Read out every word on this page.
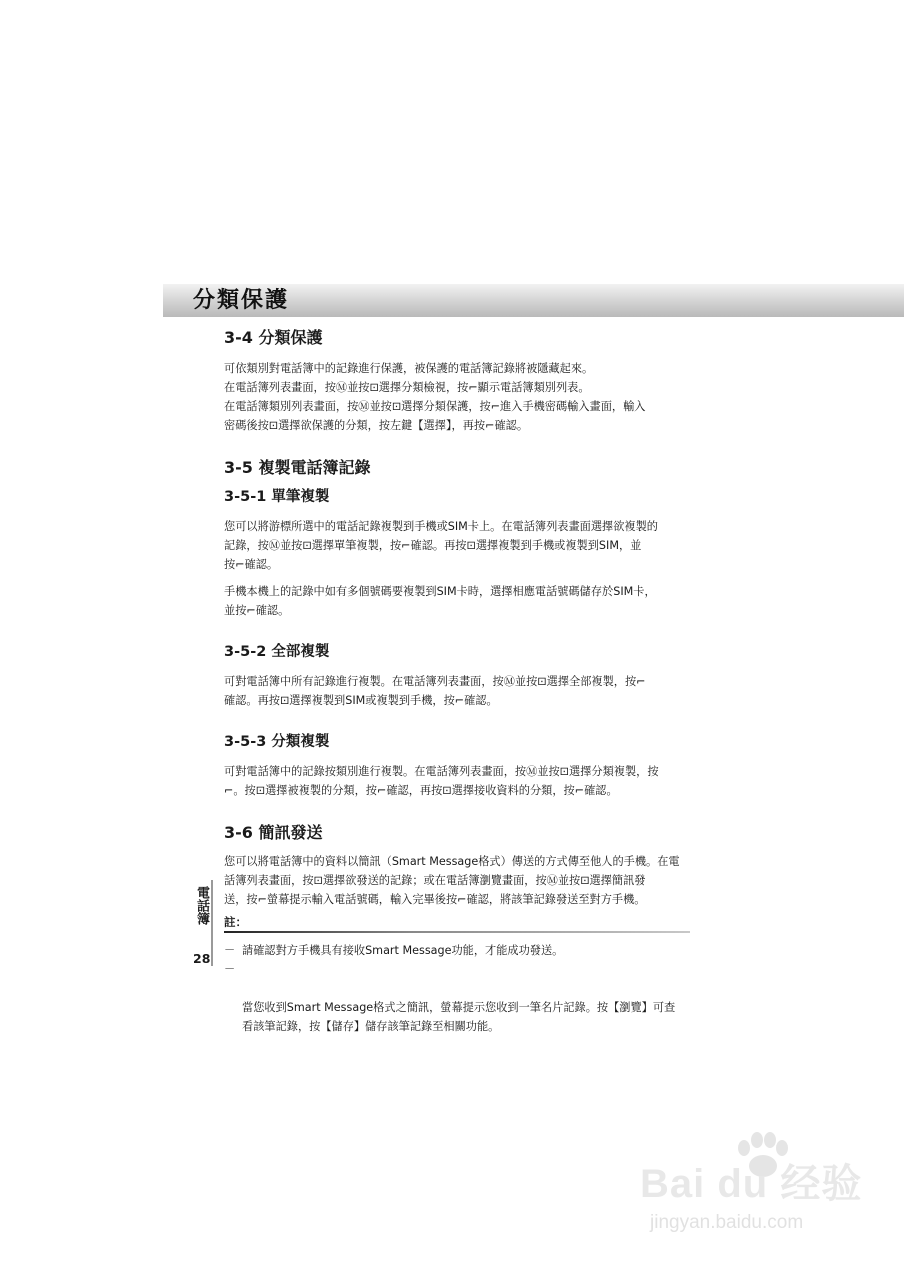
分類保護
3-4 分類保護

可依類別對電話簿中的記錄進行保護，被保護的電話簿記錄將被隱藏起來。

在電話簿列表畫面，按Ⓜ並按⊡選擇分類檢視，按⌐顯示電話簿類別列表。

在電話簿類別列表畫面，按Ⓜ並按⊡選擇分類保護，按⌐進入手機密碼輸入畫面，輸入
密碼後按⊡選擇欲保護的分類，按左鍵【選擇】，再按⌐確認。

3-5 複製電話簿記錄
3-5-1 單筆複製

您可以將游標所選中的電話記錄複製到手機或SIM卡上。在電話簿列表畫面選擇欲複製的
記錄，按Ⓜ並按⊡選擇單筆複製，按⌐確認。再按⊡選擇複製到手機或複製到SIM，並
按⌐確認。

手機本機上的記錄中如有多個號碼要複製到SIM卡時，選擇相應電話號碼儲存於SIM卡，
並按⌐確認。

3-5-2 全部複製

可對電話簿中所有記錄進行複製。在電話簿列表畫面，按Ⓜ並按⊡選擇全部複製，按⌐
確認。再按⊡選擇複製到SIM或複製到手機，按⌐確認。

3-5-3 分類複製

可對電話簿中的記錄按類別進行複製。在電話簿列表畫面，按Ⓜ並按⊡選擇分類複製，按
⌐。按⊡選擇被複製的分類，按⌐確認，再按⊡選擇接收資料的分類，按⌐確認。

3-6 簡訊發送

您可以將電話簿中的資料以簡訊（Smart Message格式）傳送的方式傳至他人的手機。在電
話簿列表畫面，按⊡選擇欲發送的記錄；或在電話簿瀏覽畫面，按Ⓜ並按⊡選擇簡訊發
送，按⌐螢幕提示輸入電話號碼，輸入完畢後按⌐確認，將該筆記錄發送至對方手機。

註：
－ 請確認對方手機具有接收Smart Message功能，才能成功發送。

－

當您收到Smart Message格式之簡訊，螢幕提示您收到一筆名片記錄。按【瀏覽】可查
看該筆記錄，按【儲存】儲存該筆記錄至相關功能。

電話簿
28
Bai du 经验
jingyan.baidu.com
